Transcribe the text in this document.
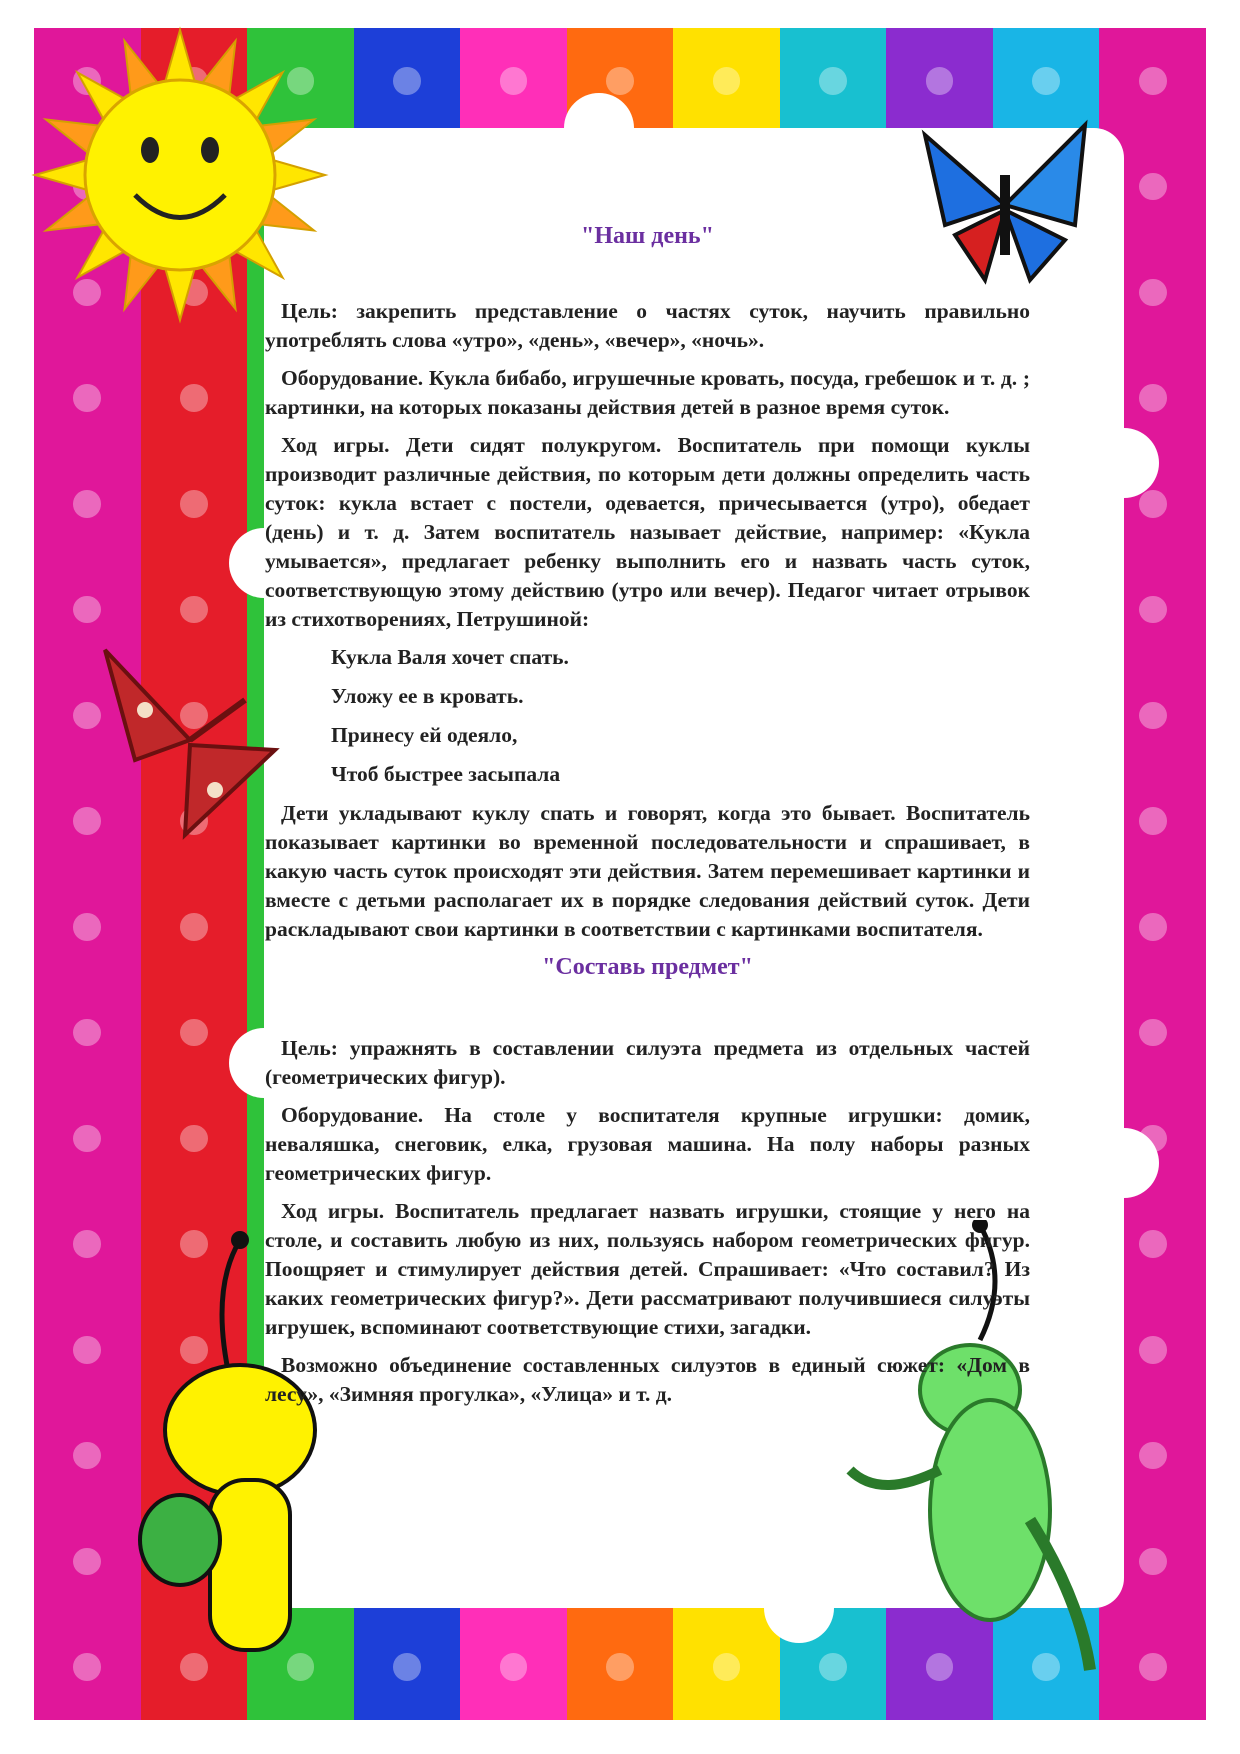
"Наш день"

Цель: закрепить представление о частях суток, научить правильно употреблять слова «утро», «день», «вечер», «ночь».

Оборудование. Кукла бибабо, игрушечные кровать, посуда, гребешок и т. д. ; картинки, на которых показаны действия детей в разное время суток.

Ход игры. Дети сидят полукругом. Воспитатель при помощи куклы производит различные действия, по которым дети должны определить часть суток: кукла встает с постели, одевается, причесывается (утро), обедает (день) и т. д. Затем воспитатель называет действие, например: «Кукла умывается», предлагает ребенку выполнить его и назвать часть суток, соответствующую этому действию (утро или вечер). Педагог читает отрывок из стихотворениях, Петрушиной:

Кукла Валя хочет спать.

Уложу ее в кровать.

Принесу ей одеяло,

Чтоб быстрее засыпала

Дети укладывают куклу спать и говорят, когда это бывает. Воспитатель показывает картинки во временной последовательности и спрашивает, в какую часть суток происходят эти действия. Затем перемешивает картинки и вместе с детьми располагает их в порядке следования действий суток. Дети раскладывают свои картинки в соответствии с картинками воспитателя.

"Составь предмет"

Цель: упражнять в составлении силуэта предмета из отдельных частей (геометрических фигур).

Оборудование. На столе у воспитателя крупные игрушки: домик, неваляшка, снеговик, елка, грузовая машина. На полу наборы разных геометрических фигур.

Ход игры. Воспитатель предлагает назвать игрушки, стоящие у него на столе, и составить любую из них, пользуясь набором геометрических фигур. Поощряет и стимулирует действия детей. Спрашивает: «Что составил? Из каких геометрических фигур?». Дети рассматривают получившиеся силуэты игрушек, вспоминают соответствующие стихи, загадки.

Возможно объединение составленных силуэтов в единый сюжет: «Дом в лесу», «Зимняя прогулка», «Улица» и т. д.
